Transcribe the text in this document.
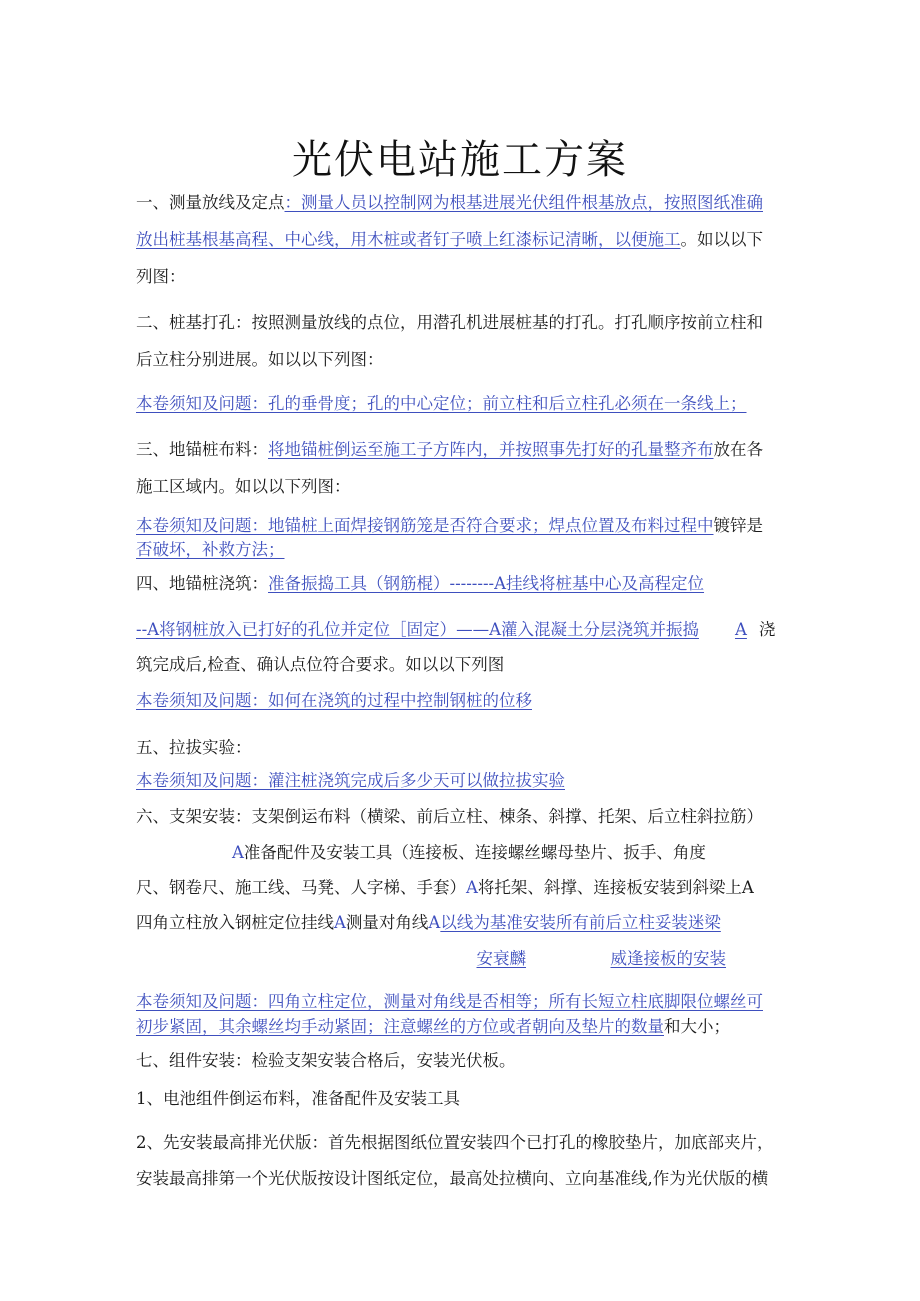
光伏电站施工方案
一、测量放线及定点：测量人员以控制网为根基进展光伏组件根基放点，按照图纸准确
放出桩基根基高程、中心线，用木桩或者钉子喷上红漆标记清晰，以便施工。如以以下
列图：
二、桩基打孔：按照测量放线的点位，用潜孔机进展桩基的打孔。打孔顺序按前立柱和
后立柱分别进展。如以以下列图：
本卷须知及问题：孔的垂骨度；孔的中心定位；前立柱和后立柱孔必须在一条线上；
三、地锚桩布料：将地锚桩倒运至施工子方阵内，并按照事先打好的孔量整齐布放在各
施工区域内。如以以下列图：
本卷须知及问题：地锚桩上面焊接钢筋笼是否符合要求；焊点位置及布料过程中镀锌是
否破坏，补救方法；
四、地锚桩浇筑：准备振捣工具（钢筋棍）--------A挂线将桩基中心及高程定位
--A将钢桩放入已打好的孔位并定位［固定）——A灌入混凝土分层浇筑并振捣 A 浇
筑完成后,检查、确认点位符合要求。如以以下列图
本卷须知及问题：如何在浇筑的过程中控制钢桩的位移
五、拉拔实验：
本卷须知及问题：灌注桩浇筑完成后多少天可以做拉拔实验
六、支架安装：支架倒运布料（横梁、前后立柱、棟条、斜撑、托架、后立柱斜拉筋）
A准备配件及安装工具（连接板、连接螺丝螺母垫片、扳手、角度
尺、钢卷尺、施工线、马凳、人字梯、手套）A将托架、斜撑、连接板安装到斜梁上A
四角立柱放入钢桩定位挂线A测量对角线A以线为基准安装所有前后立柱妥装迷梁
安衰麟	威逢接板的安装
本卷须知及问题：四角立柱定位，测量对角线是否相等；所有长短立柱底脚限位螺丝可
初步紧固，其余螺丝均手动紧固；注意螺丝的方位或者朝向及垫片的数量和大小；
七、组件安装：检验支架安装合格后，安装光伏板。
1、电池组件倒运布料，准备配件及安装工具
2、先安装最高排光伏版：首先根据图纸位置安装四个已打孔的橡胶垫片，加底部夹片，
安装最高排第一个光伏版按设计图纸定位，最高处拉横向、立向基准线,作为光伏版的横
